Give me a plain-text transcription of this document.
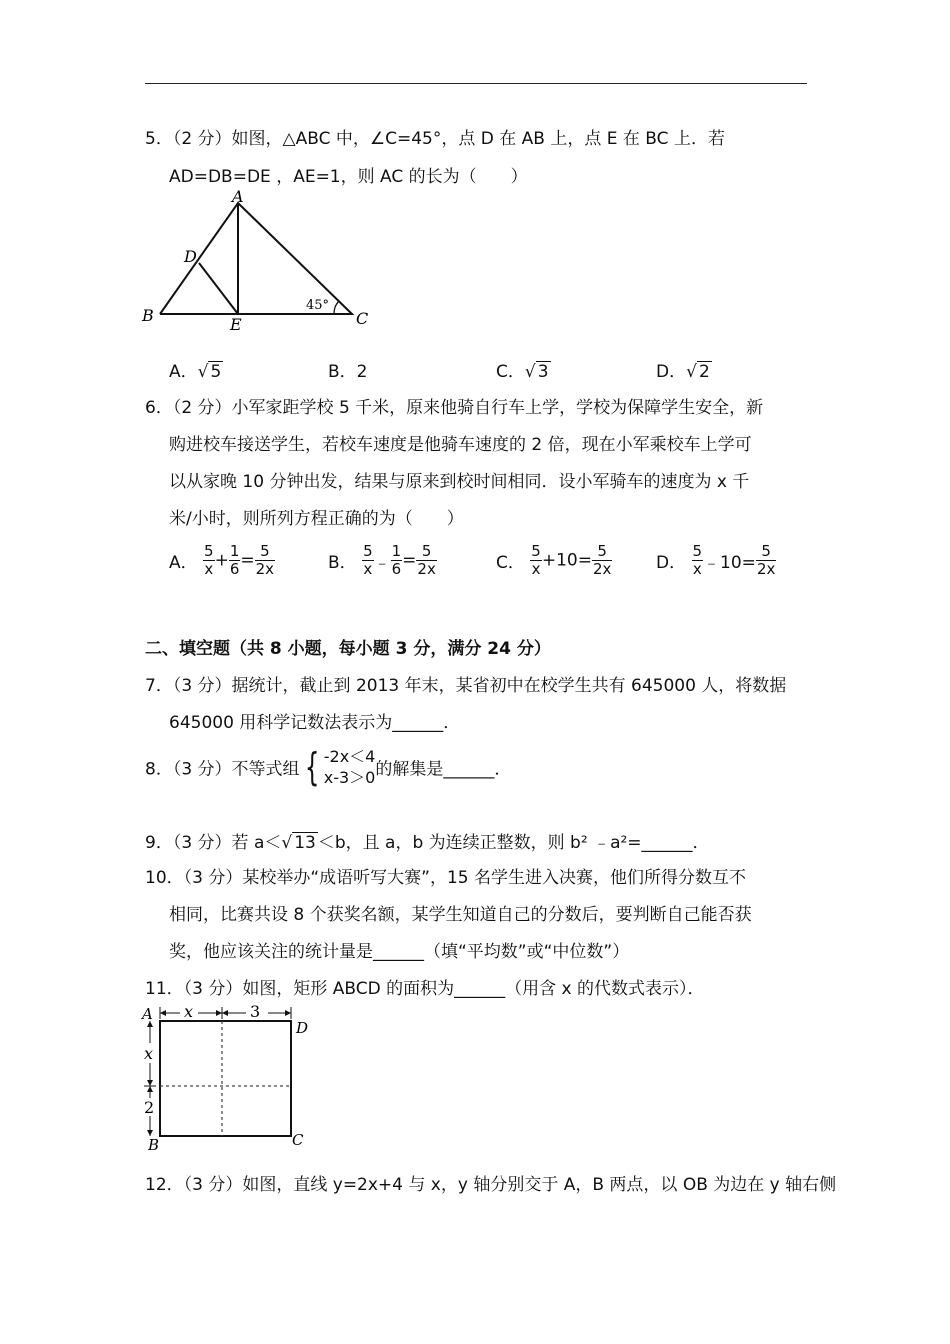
5．（2 分）如图，△ABC 中，∠C=45°，点 D 在 AB 上，点 E 在 BC 上．若
AD=DB=DE ，AE=1，则 AC 的长为（　　）
A
D
B	E	C
45°
A．√ 5	B．2	C．√ 3	D．√ 2
6．（2 分）小军家距学校 5 千米，原来他骑自行车上学，学校为保障学生安全，新
购进校车接送学生，若校车速度是他骑车速度的 2 倍，现在小军乘校车上学可
以从家晚 10 分钟出发，结果与原来到校时间相同．设小军骑车的速度为 x 千
米/小时，则所列方程正确的为（　　）
A． $\frac{5}{x} + \frac{1}{6} = \frac{5}{2x}$	B． $\frac{5}{x}$ ﹣ $\frac{1}{6} = \frac{5}{2x}$	C． $\frac{5}{x} +10= \frac{5}{2x}$	D． $\frac{5}{x}$ ﹣10= $\frac{5}{2x}$
二、填空题（共 8 小题，每小题 3 分，满分 24 分）
7．（3 分）据统计，截止到 2013 年末，某省初中在校学生共有 645000 人，将数据
645000 用科学记数法表示为______．
8．（3 分）不等式组 { -2x＜4
x-3＞0 的解集是______．
9．（3 分）若 a＜√ 13 ＜b，且 a，b 为连续正整数，则 b² ﹣a²=______．
10．（3 分）某校举办“成语听写大赛”，15 名学生进入决赛，他们所得分数互不
相同，比赛共设 8 个获奖名额，某学生知道自己的分数后，要判断自己能否获
奖，他应该关注的统计量是______（填“平均数”或“中位数”）
11．（3 分）如图，矩形 ABCD 的面积为______（用含 x 的代数式表示）．
x	3
x
2
A
D
B	C
12．（3 分）如图，直线 y=2x+4 与 x，y 轴分别交于 A，B 两点，以 OB 为边在 y 轴右侧
